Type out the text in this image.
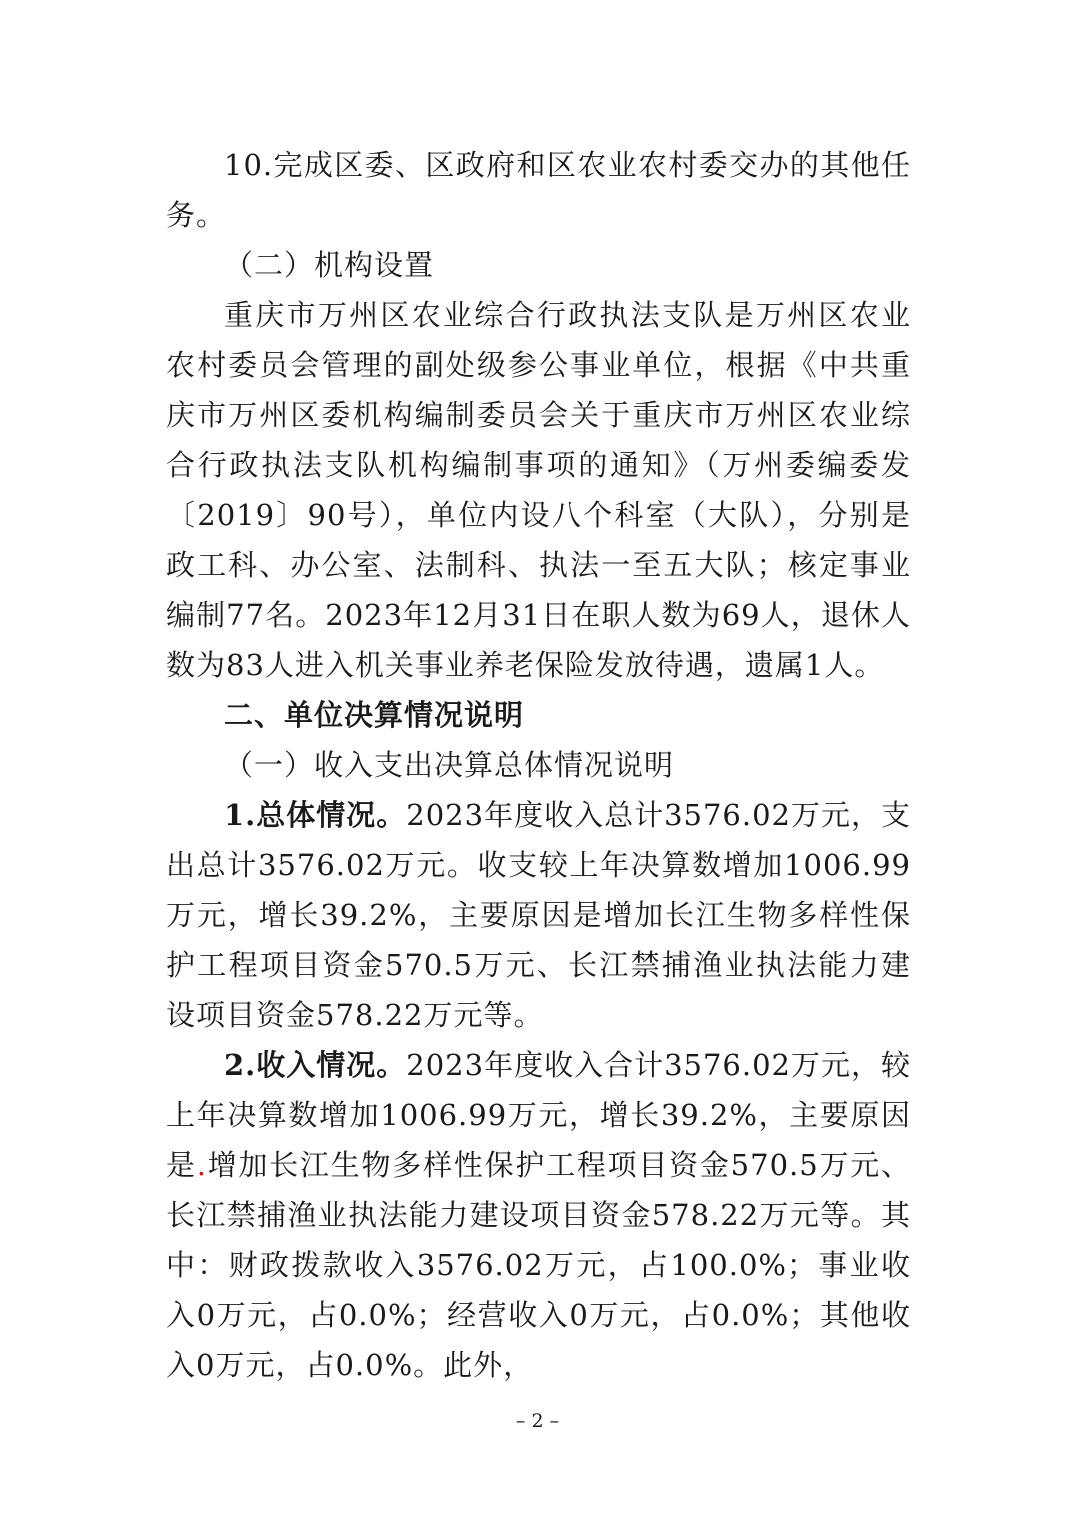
10.完成区委、区政府和区农业农村委交办的其他任务。

（二）机构设置

重庆市万州区农业综合行政执法支队是万州区农业农村委员会管理的副处级参公事业单位，根据《中共重庆市万州区委机构编制委员会关于重庆市万州区农业综合行政执法支队机构编制事项的通知》（万州委编委发〔2019〕90号），单位内设八个科室（大队），分别是政工科、办公室、法制科、执法一至五大队；核定事业编制77名。2023年12月31日在职人数为69人，退休人数为83人进入机关事业养老保险发放待遇，遗属1人。

二、单位决算情况说明

（一）收入支出决算总体情况说明

1.总体情况。2023年度收入总计3576.02万元，支出总计3576.02万元。收支较上年决算数增加1006.99万元，增长39.2%，主要原因是增加长江生物多样性保护工程项目资金570.5万元、长江禁捕渔业执法能力建设项目资金578.22万元等。

2.收入情况。2023年度收入合计3576.02万元，较上年决算数增加1006.99万元，增长39.2%，主要原因是.增加长江生物多样性保护工程项目资金570.5万元、长江禁捕渔业执法能力建设项目资金578.22万元等。其中：财政拨款收入3576.02万元，占100.0%；事业收入0万元，占0.0%；经营收入0万元，占0.0%；其他收入0万元，占0.0%。此外，

– 2 –
